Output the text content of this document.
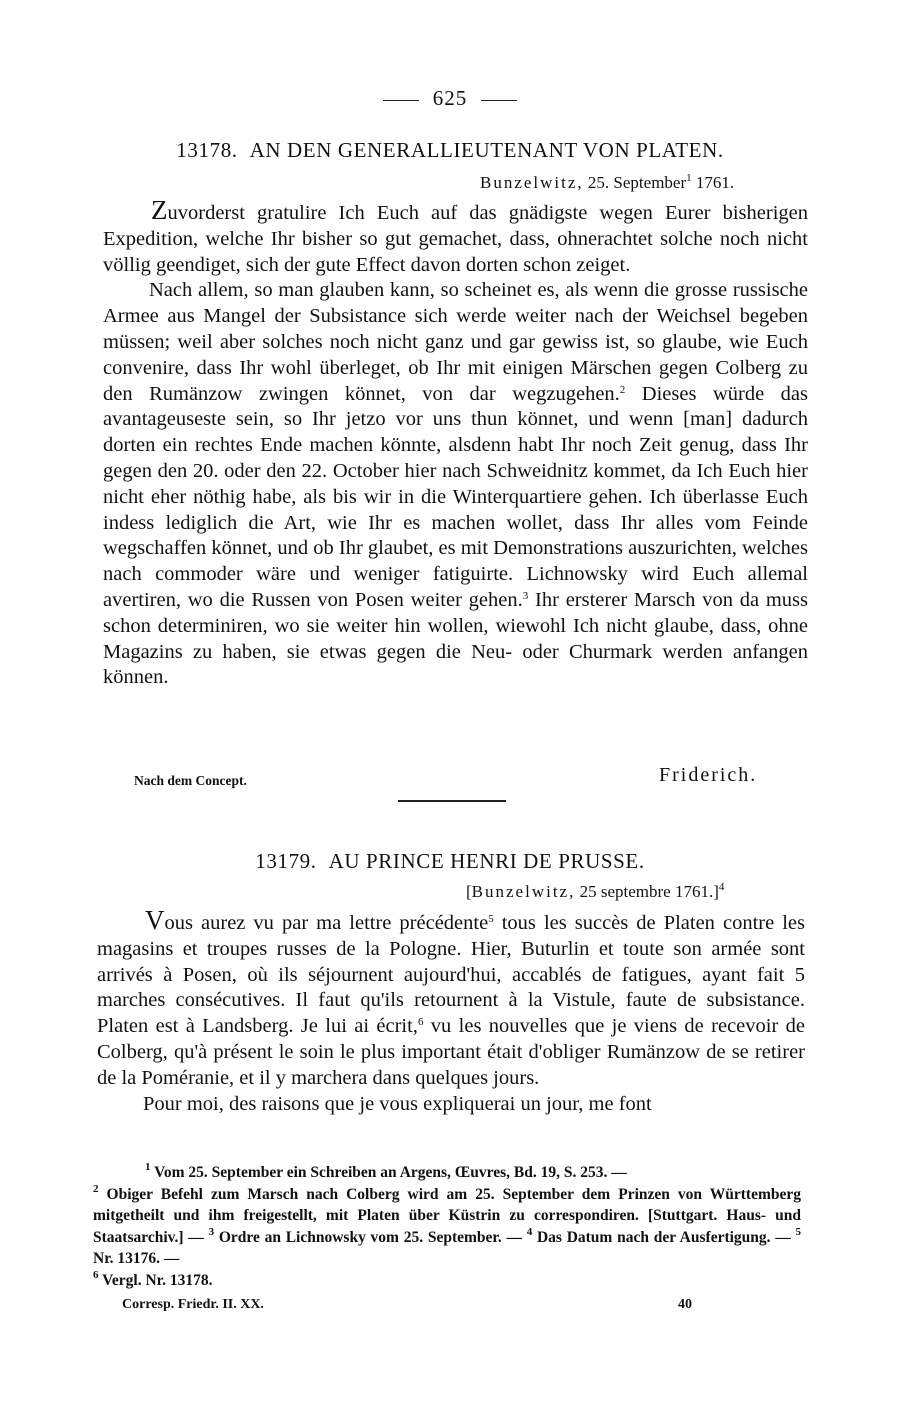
625
13178. AN DEN GENERALLIEUTENANT VON PLATEN.
Bunzelwitz, 25. September$^1$ 1761.

Zuvorderst gratulire Ich Euch auf das gnädigste wegen Eurer bisherigen Expedition, welche Ihr bisher so gut gemachet, dass, ohnerachtet solche noch nicht völlig geendiget, sich der gute Effect davon dorten schon zeiget.

Nach allem, so man glauben kann, so scheinet es, als wenn die grosse russische Armee aus Mangel der Subsistance sich werde weiter nach der Weichsel begeben müssen; weil aber solches noch nicht ganz und gar gewiss ist, so glaube, wie Euch convenire, dass Ihr wohl überleget, ob Ihr mit einigen Märschen gegen Colberg zu den Rumänzow zwingen könnet, von dar wegzugehen.$^2$ Dieses würde das avantageuseste sein, so Ihr jetzo vor uns thun könnet, und wenn [man] dadurch dorten ein rechtes Ende machen könnte, alsdenn habt Ihr noch Zeit genug, dass Ihr gegen den 20. oder den 22. October hier nach Schweidnitz kommet, da Ich Euch hier nicht eher nöthig habe, als bis wir in die Winterquartiere gehen. Ich überlasse Euch indess lediglich die Art, wie Ihr es machen wollet, dass Ihr alles vom Feinde wegschaffen könnet, und ob Ihr glaubet, es mit Demonstrations auszurichten, welches nach commoder wäre und weniger fatiguirte. Lichnowsky wird Euch allemal avertiren, wo die Russen von Posen weiter gehen.$^3$ Ihr ersterer Marsch von da muss schon determiniren, wo sie weiter hin wollen, wiewohl Ich nicht glaube, dass, ohne Magazins zu haben, sie etwas gegen die Neu- oder Churmark werden anfangen können.

Nach dem Concept.	Friderich.
13179. AU PRINCE HENRI DE PRUSSE.
[Bunzelwitz, 25 septembre 1761.]$^4$

Vous aurez vu par ma lettre précédente$^5$ tous les succès de Platen contre les magasins et troupes russes de la Pologne. Hier, Buturlin et toute son armée sont arrivés à Posen, où ils séjournent aujourd'hui, accablés de fatigues, ayant fait 5 marches consécutives. Il faut qu'ils retournent à la Vistule, faute de subsistance. Platen est à Landsberg. Je lui ai écrit,$^6$ vu les nouvelles que je viens de recevoir de Colberg, qu'à présent le soin le plus important était d'obliger Rumänzow de se retirer de la Poméranie, et il y marchera dans quelques jours.

Pour moi, des raisons que je vous expliquerai un jour, me font

$^1$ Vom 25. September ein Schreiben an Argens, Œuvres, Bd. 19, S. 253. —

$^2$ Obiger Befehl zum Marsch nach Colberg wird am 25. September dem Prinzen von Württemberg mitgetheilt und ihm freigestellt, mit Platen über Küstrin zu correspondiren. [Stuttgart. Haus- und Staatsarchiv.] — $^3$ Ordre an Lichnowsky vom 25. September. — $^4$ Das Datum nach der Ausfertigung. — $^5$ Nr. 13176. —

$^6$ Vergl. Nr. 13178.

Corresp. Friedr. II. XX.	40
